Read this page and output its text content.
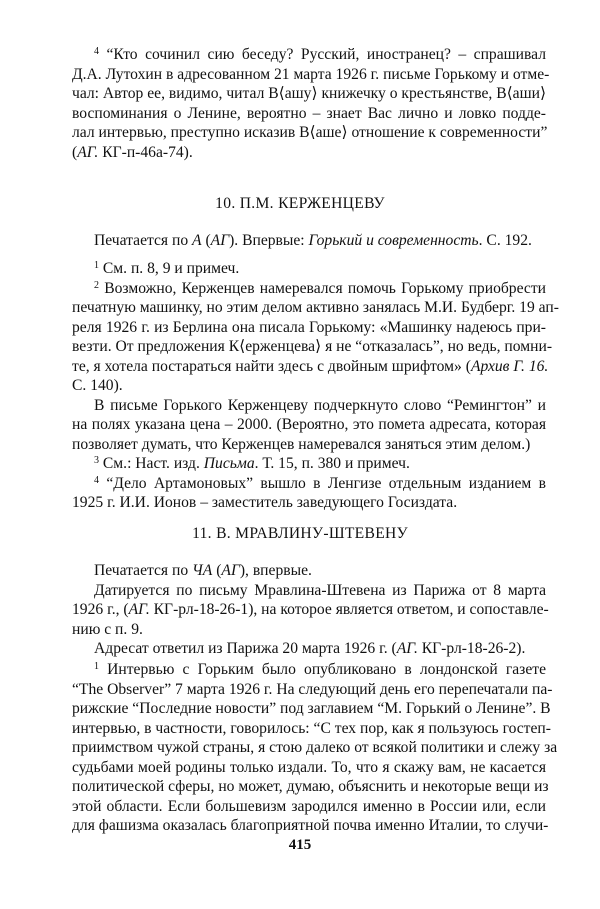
$^4$ “Кто сочинил сию беседу? Русский, иностранец? – спрашивал
Д.А. Лутохин в адресованном 21 марта 1926 г. письме Горькому и отме-
чал: Автор ее, видимо, читал В⟨ашу⟩ книжечку о крестьянстве, В⟨аши⟩
воспоминания о Ленине, вероятно – знает Вас лично и ловко подде-
лал интервью, преступно исказив В⟨аше⟩ отношение к современности”
(АГ. КГ-п-46а-74).
10. П.М. КЕРЖЕНЦЕВУ
Печатается по А (АГ). Впервые: Горький и современность. С. 192.
$^1$ См. п. 8, 9 и примеч.
$^2$ Возможно, Керженцев намеревался помочь Горькому приобрести
печатную машинку, но этим делом активно занялась М.И. Будберг. 19 ап-
реля 1926 г. из Берлина она писала Горькому: «Машинку надеюсь при-
везти. От предложения К⟨ерженцева⟩ я не “отказалась”, но ведь, помни-
те, я хотела постараться найти здесь с двойным шрифтом» (Архив Г. 16.
С. 140).
В письме Горького Керженцеву подчеркнуто слово “Ремингтон” и
на полях указана цена – 2000. (Вероятно, это помета адресата, которая
позволяет думать, что Керженцев намеревался заняться этим делом.)
$^3$ См.: Наст. изд. Письма. Т. 15, п. 380 и примеч.
$^4$ “Дело Артамоновых” вышло в Ленгизе отдельным изданием в
1925 г. И.И. Ионов – заместитель заведующего Госиздата.
11. В. МРАВЛИНУ-ШТЕВЕНУ
Печатается по ЧА (АГ), впервые.
Датируется по письму Мравлина-Штевена из Парижа от 8 марта
1926 г., (АГ. КГ-рл-18-26-1), на которое является ответом, и сопоставле-
нию с п. 9.
Адресат ответил из Парижа 20 марта 1926 г. (АГ. КГ-рл-18-26-2).
$^1$ Интервью с Горьким было опубликовано в лондонской газете
“The Observer” 7 марта 1926 г. На следующий день его перепечатали па-
рижские “Последние новости” под заглавием “М. Горький о Ленине”. В
интервью, в частности, говорилось: “С тех пор, как я пользуюсь гостеп-
приимством чужой страны, я стою далеко от всякой политики и слежу за
судьбами моей родины только издали. То, что я скажу вам, не касается
политической сферы, но может, думаю, объяснить и некоторые вещи из
этой области. Если большевизм зародился именно в России или, если
для фашизма оказалась благоприятной почва именно Италии, то случи-
415
